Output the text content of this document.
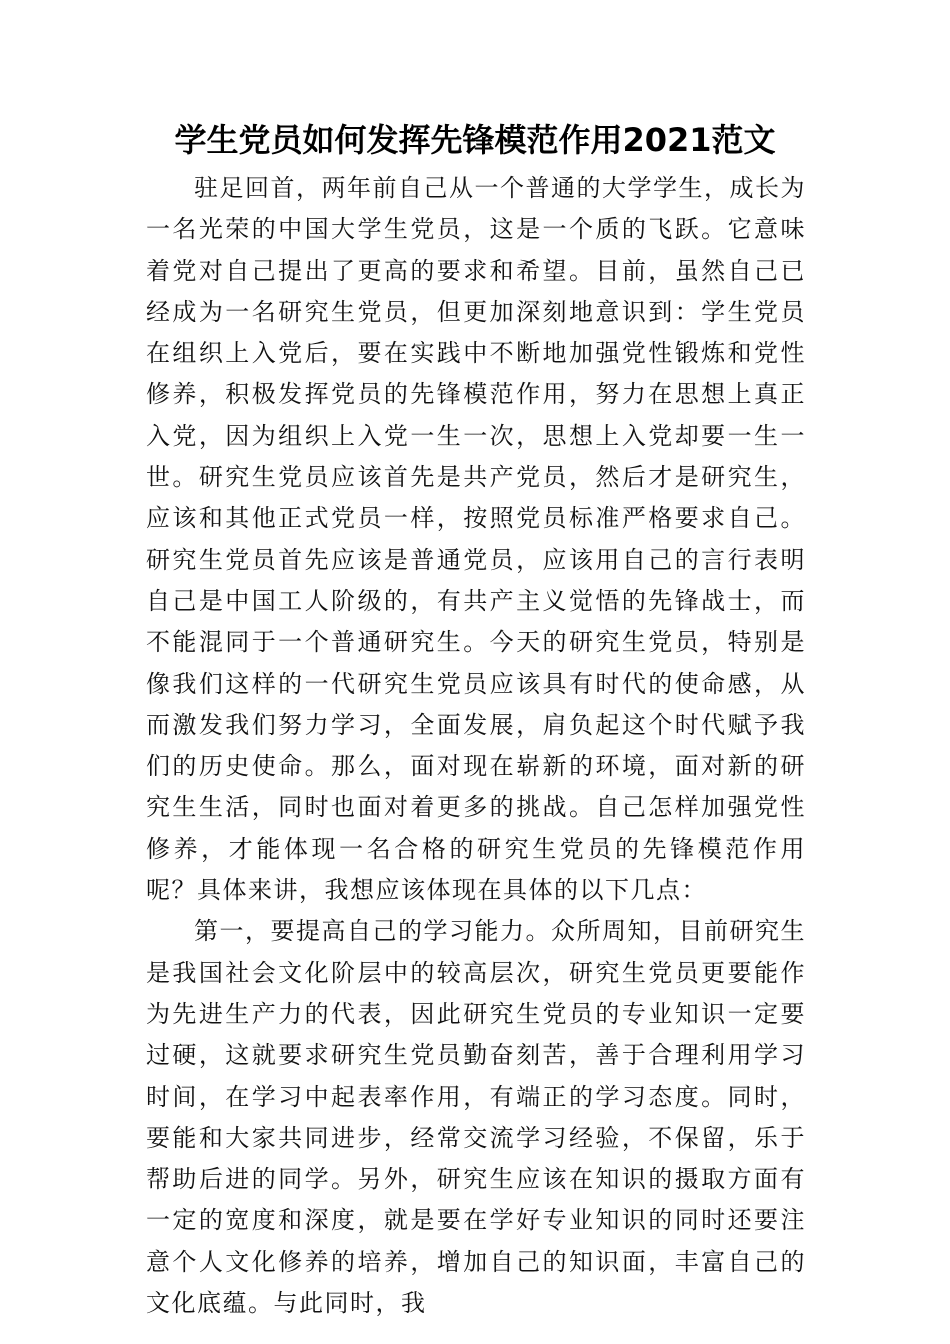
学生党员如何发挥先锋模范作用2021范文

驻足回首，两年前自己从一个普通的大学学生，成长为一名光荣的中国大学生党员，这是一个质的飞跃。它意味着党对自己提出了更高的要求和希望。目前，虽然自己已经成为一名研究生党员，但更加深刻地意识到：学生党员在组织上入党后，要在实践中不断地加强党性锻炼和党性修养，积极发挥党员的先锋模范作用，努力在思想上真正入党，因为组织上入党一生一次，思想上入党却要一生一世。研究生党员应该首先是共产党员，然后才是研究生，应该和其他正式党员一样，按照党员标准严格要求自己。研究生党员首先应该是普通党员，应该用自己的言行表明自己是中国工人阶级的，有共产主义觉悟的先锋战士，而不能混同于一个普通研究生。今天的研究生党员，特别是像我们这样的一代研究生党员应该具有时代的使命感，从而激发我们努力学习，全面发展，肩负起这个时代赋予我们的历史使命。那么，面对现在崭新的环境，面对新的研究生生活，同时也面对着更多的挑战。自己怎样加强党性修养，才能体现一名合格的研究生党员的先锋模范作用呢？具体来讲，我想应该体现在具体的以下几点：

第一，要提高自己的学习能力。众所周知，目前研究生是我国社会文化阶层中的较高层次，研究生党员更要能作为先进生产力的代表，因此研究生党员的专业知识一定要过硬，这就要求研究生党员勤奋刻苦，善于合理利用学习时间，在学习中起表率作用，有端正的学习态度。同时，要能和大家共同进步，经常交流学习经验，不保留，乐于帮助后进的同学。另外，研究生应该在知识的摄取方面有一定的宽度和深度，就是要在学好专业知识的同时还要注意个人文化修养的培养，增加自己的知识面，丰富自己的文化底蕴。与此同时，我
